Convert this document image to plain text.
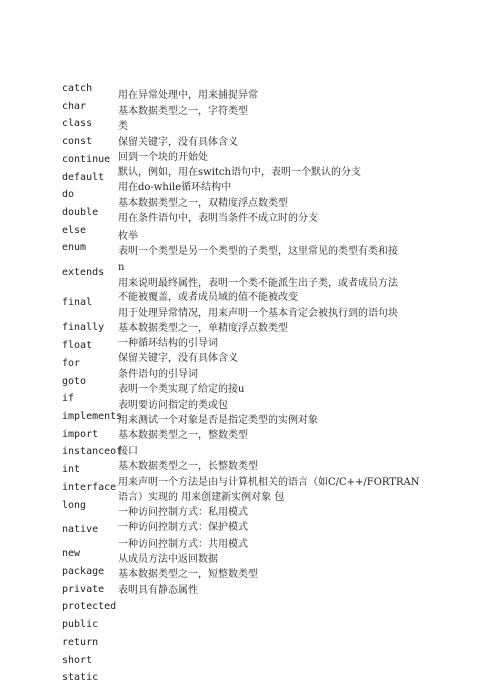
catch
char
class
const
continue
default
do
double
else
enum
extends
final
finally
float
for
goto
if
implements
import
instanceof
int
interface
long
native
new
package
private
protected
public
return
short
static
用在异常处理中，用来捕捉异常
基本数据类型之一，字符类型
类
保留关键字，没有具体含义
回到一个块的开始处
默认，例如，用在switch语句中，表明一个默认的分支
用在do-while循环结构中
基本数据类型之一，双精度浮点数类型
用在条件语句中，表明当条件不成立时的分支
枚举
表明一个类型是另一个类型的子类型，这里常见的类型有类和接
n
用来说明最终属性，表明一个类不能派生出子类，或者成员方法
不能被覆盖，或者成员域的值不能被改变
用于处理异常情况，用来声明一个基本肯定会被执行到的语句块
基本数据类型之一，单精度浮点数类型
一种循环结构的引导词
保留关键字，没有具体含义
条件语句的引导词
表明一个类实现了给定的接u
表明要访问指定的类或包
用来测试一个对象是否是指定类型的实例对象
基本数据类型之一，整数类型
接口
基木数据类型之一，长整数类型
用来声明一个方法是由与计算机相关的语言（如C/C++/FORTRAN
语言）实现的 用来创建新实例对象 包
一种访问控制方式：私用模式
一种访问控制方式：保护模式
一种访问控制方式：共用模式
从成员方法中返回数据
基本数据类型之一，短整数类型
表明具有静态属性
